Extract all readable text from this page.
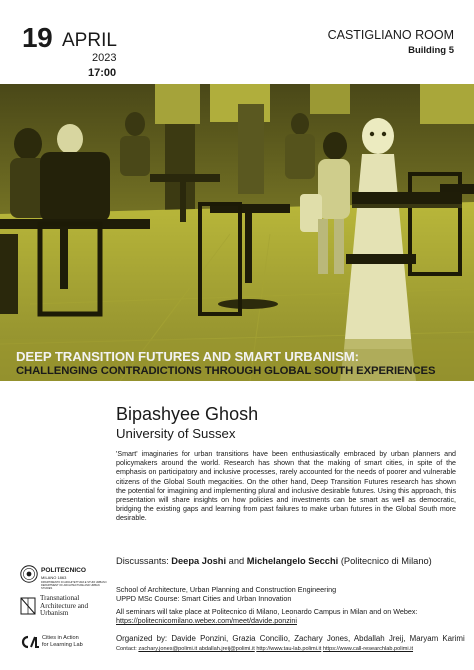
19 APRIL
2023
17:00
CASTIGLIANO ROOM
Building 5
DEEP TRANSITION FUTURES AND SMART URBANISM:
CHALLENGING CONTRADICTIONS THROUGH GLOBAL SOUTH EXPERIENCES
Bipashyee Ghosh
University of Sussex
'Smart' imaginaries for urban transitions have been enthusiastically embraced by urban planners and policymakers around the world. Research has shown that the making of smart cities, in spite of the emphasis on participatory and inclusive processes, rarely accounted for the needs of poorer and vulnerable citizens of the Global South megacities. On the other hand, Deep Transition Futures research has shown the potential for imagining and implementing plural and inclusive desirable futures. Using this approach, this presentation will share insights on how policies and investments can be smart as well as democratic, bridging the existing gaps and learning from past failures to make urban futures in the Global South more desirable.
Discussants: Deepa Joshi and Michelangelo Secchi (Politecnico di Milano)
School of Architecture, Urban Planning and Construction Engineering
UPPD MSc Course: Smart Cities and Urban Innovation
All seminars will take place at Politecnico di Milano, Leonardo Campus in Milan and on Webex: https://politecnicomilano.webex.com/meet/davide.ponzini
Organized by: Davide Ponzini, Grazia Concilio, Zachary Jones, Abdallah Jreij, Maryam Karimi
Contact: zachary.jones@polimi.it abdallah.jreij@polimi.it http://www.tau-lab.polimi.it https://www.call-researchlab.polimi.it
POLITECNICO
MILANO 1863
DIPARTIMENTO DI ARCHITETTURA E STUDI URBANI / DEPARTMENT OF ARCHITECTURE AND URBAN STUDIES
Transnational
Architecture and
Urbanism
Cities in Action
for Learning Lab
